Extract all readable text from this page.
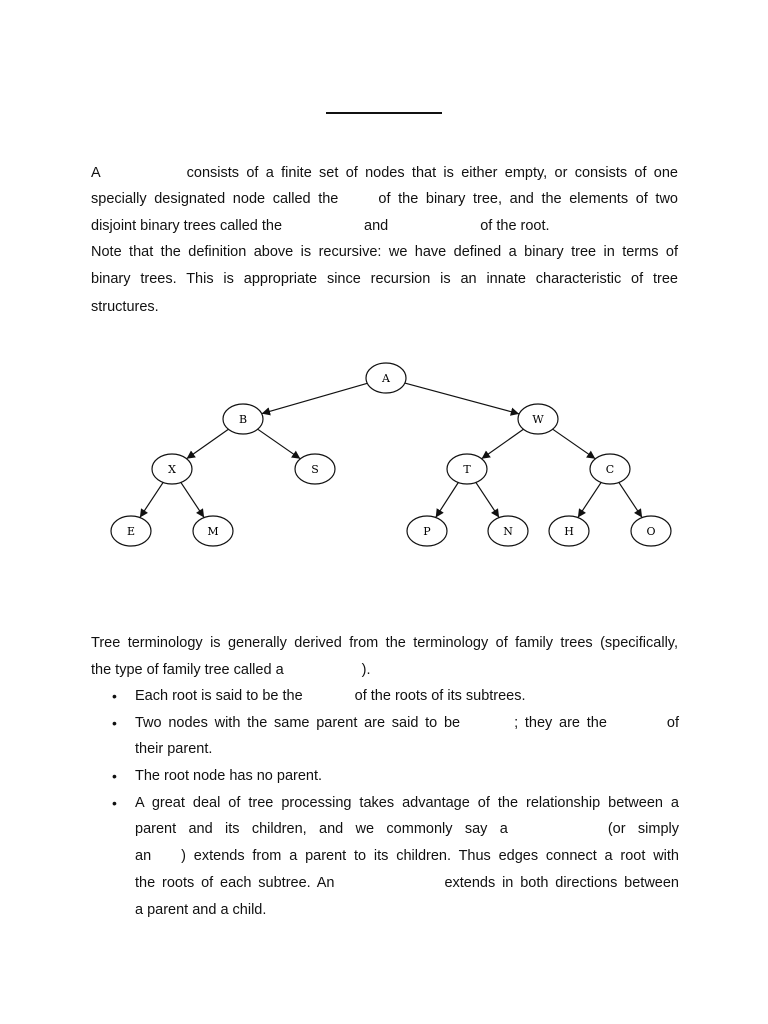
A	consists of a finite set of nodes that is either empty, or consists of one
specially designated node called the	of the binary tree, and the elements of two
disjoint binary trees called the	and	of the root.
Note that the definition above is recursive: we have defined a binary tree in terms of
binary trees. This is appropriate since recursion is an innate characteristic of tree
structures.
A
B	W
X	S	T	C
E	M	P	N	H	O
Tree terminology is generally derived from the terminology of family trees (specifically,
the type of family tree called a	).
• Each root is said to be the	of the roots of its subtrees.
• Two nodes with the same parent are said to be	; they are the	of
their parent.
• The root node has no parent.
• A great deal of tree processing takes advantage of the relationship between a
parent and its children, and we commonly say a	(or simply
an ) extends from a parent to its children. Thus edges connect a root with
the roots of each subtree. An	extends in both directions between
a parent and a child.
